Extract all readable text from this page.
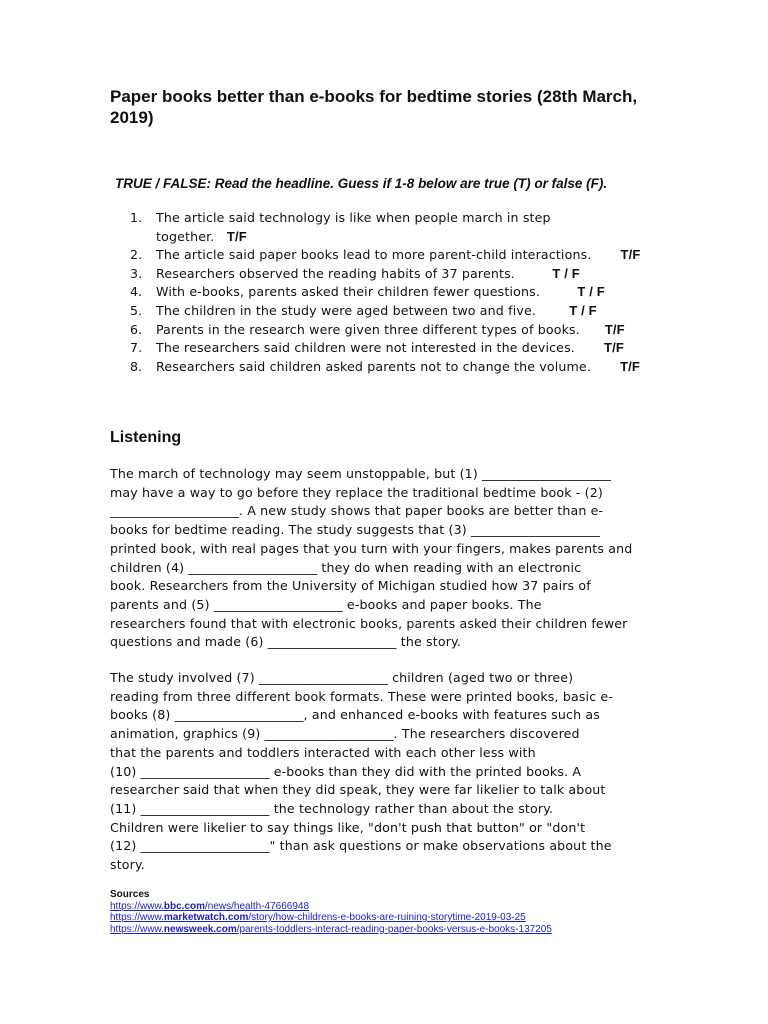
Paper books better than e-books for bedtime stories (28th March, 2019)
TRUE / FALSE: Read the headline. Guess if 1-8 below are true (T) or false (F).
1. The article said technology is like when people march in step
together. T/F
2. The article said paper books lead to more parent-child interactions. T/F
3. Researchers observed the reading habits of 37 parents.	T / F
4. With e-books, parents asked their children fewer questions.	T / F
5. The children in the study were aged between two and five.	T / F
6. Parents in the research were given three different types of books. T/F
7. The researchers said children were not interested in the devices. T/F
8. Researchers said children asked parents not to change the volume. T/F
Listening
The march of technology may seem unstoppable, but (1) ____________________
may have a way to go before they replace the traditional bedtime book - (2)
____________________. A new study shows that paper books are better than e-
books for bedtime reading. The study suggests that (3) ____________________
printed book, with real pages that you turn with your fingers, makes parents and
children (4) ____________________ they do when reading with an electronic
book. Researchers from the University of Michigan studied how 37 pairs of
parents and (5) ____________________ e-books and paper books. The
researchers found that with electronic books, parents asked their children fewer
questions and made (6) ____________________ the story.
The study involved (7) ____________________ children (aged two or three)
reading from three different book formats. These were printed books, basic e-
books (8) ____________________, and enhanced e-books with features such as
animation, graphics (9) ____________________. The researchers discovered
that the parents and toddlers interacted with each other less with
(10) ____________________ e-books than they did with the printed books. A
researcher said that when they did speak, they were far likelier to talk about
(11) ____________________ the technology rather than about the story.
Children were likelier to say things like, "don't push that button" or "don't
(12) ____________________" than ask questions or make observations about the
story.
Sources
https://www.bbc.com/news/health-47666948
https://www.marketwatch.com/story/how-childrens-e-books-are-ruining-storytime-2019-03-25
https://www.newsweek.com/parents-toddlers-interact-reading-paper-books-versus-e-books-137205
